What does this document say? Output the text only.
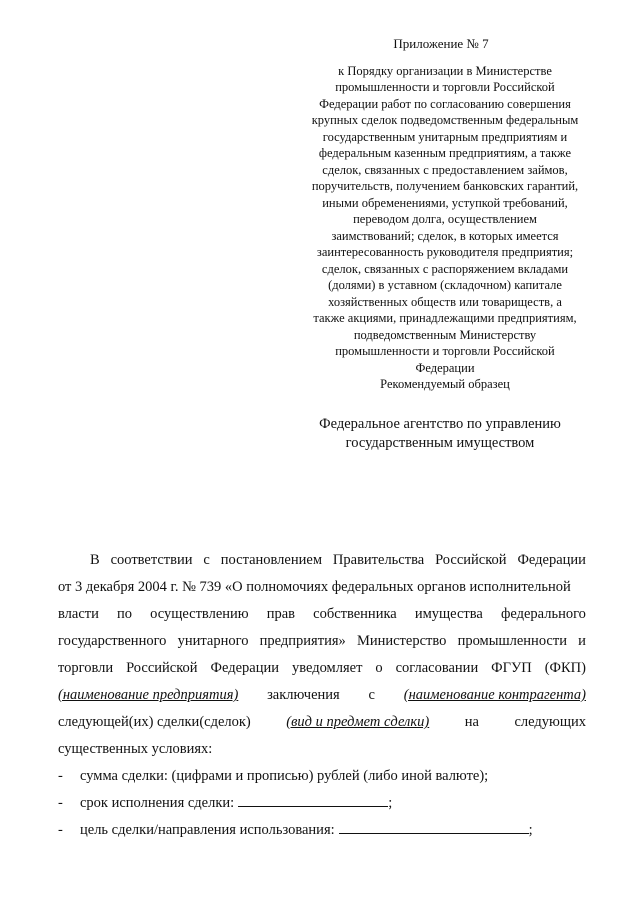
Приложение № 7
к Порядку организации в Министерстве
промышленности и торговли Российской
Федерации работ по согласованию совершения
крупных сделок подведомственным федеральным
государственным унитарным предприятиям и
федеральным казенным предприятиям, а также
сделок, связанных с предоставлением займов,
поручительств, получением банковских гарантий,
иными обременениями, уступкой требований,
переводом долга, осуществлением
заимствований; сделок, в которых имеется
заинтересованность руководителя предприятия;
сделок, связанных с распоряжением вкладами
(долями) в уставном (складочном) капитале
хозяйственных обществ или товариществ, а
также акциями, принадлежащими предприятиям,
подведомственным Министерству
промышленности и торговли Российской
Федерации
Рекомендуемый образец
Федеральное агентство по управлению
государственным имуществом
В соответствии с постановлением Правительства Российской Федерации
от 3 декабря 2004 г. № 739 «О полномочиях федеральных органов исполнительной
власти по осуществлению прав собственника имущества федерального
государственного унитарного предприятия» Министерство промышленности и
торговли Российской Федерации уведомляет о согласовании ФГУП (ФКП)
(наименование предприятия) заключения с (наименование контрагента)
следующей(их) сделки(сделок) (вид и предмет сделки) на следующих
существенных условиях:
-	сумма сделки: (цифрами и прописью) рублей (либо иной валюте);
-	срок исполнения сделки:	;
-	цель сделки/направления использования:	;
